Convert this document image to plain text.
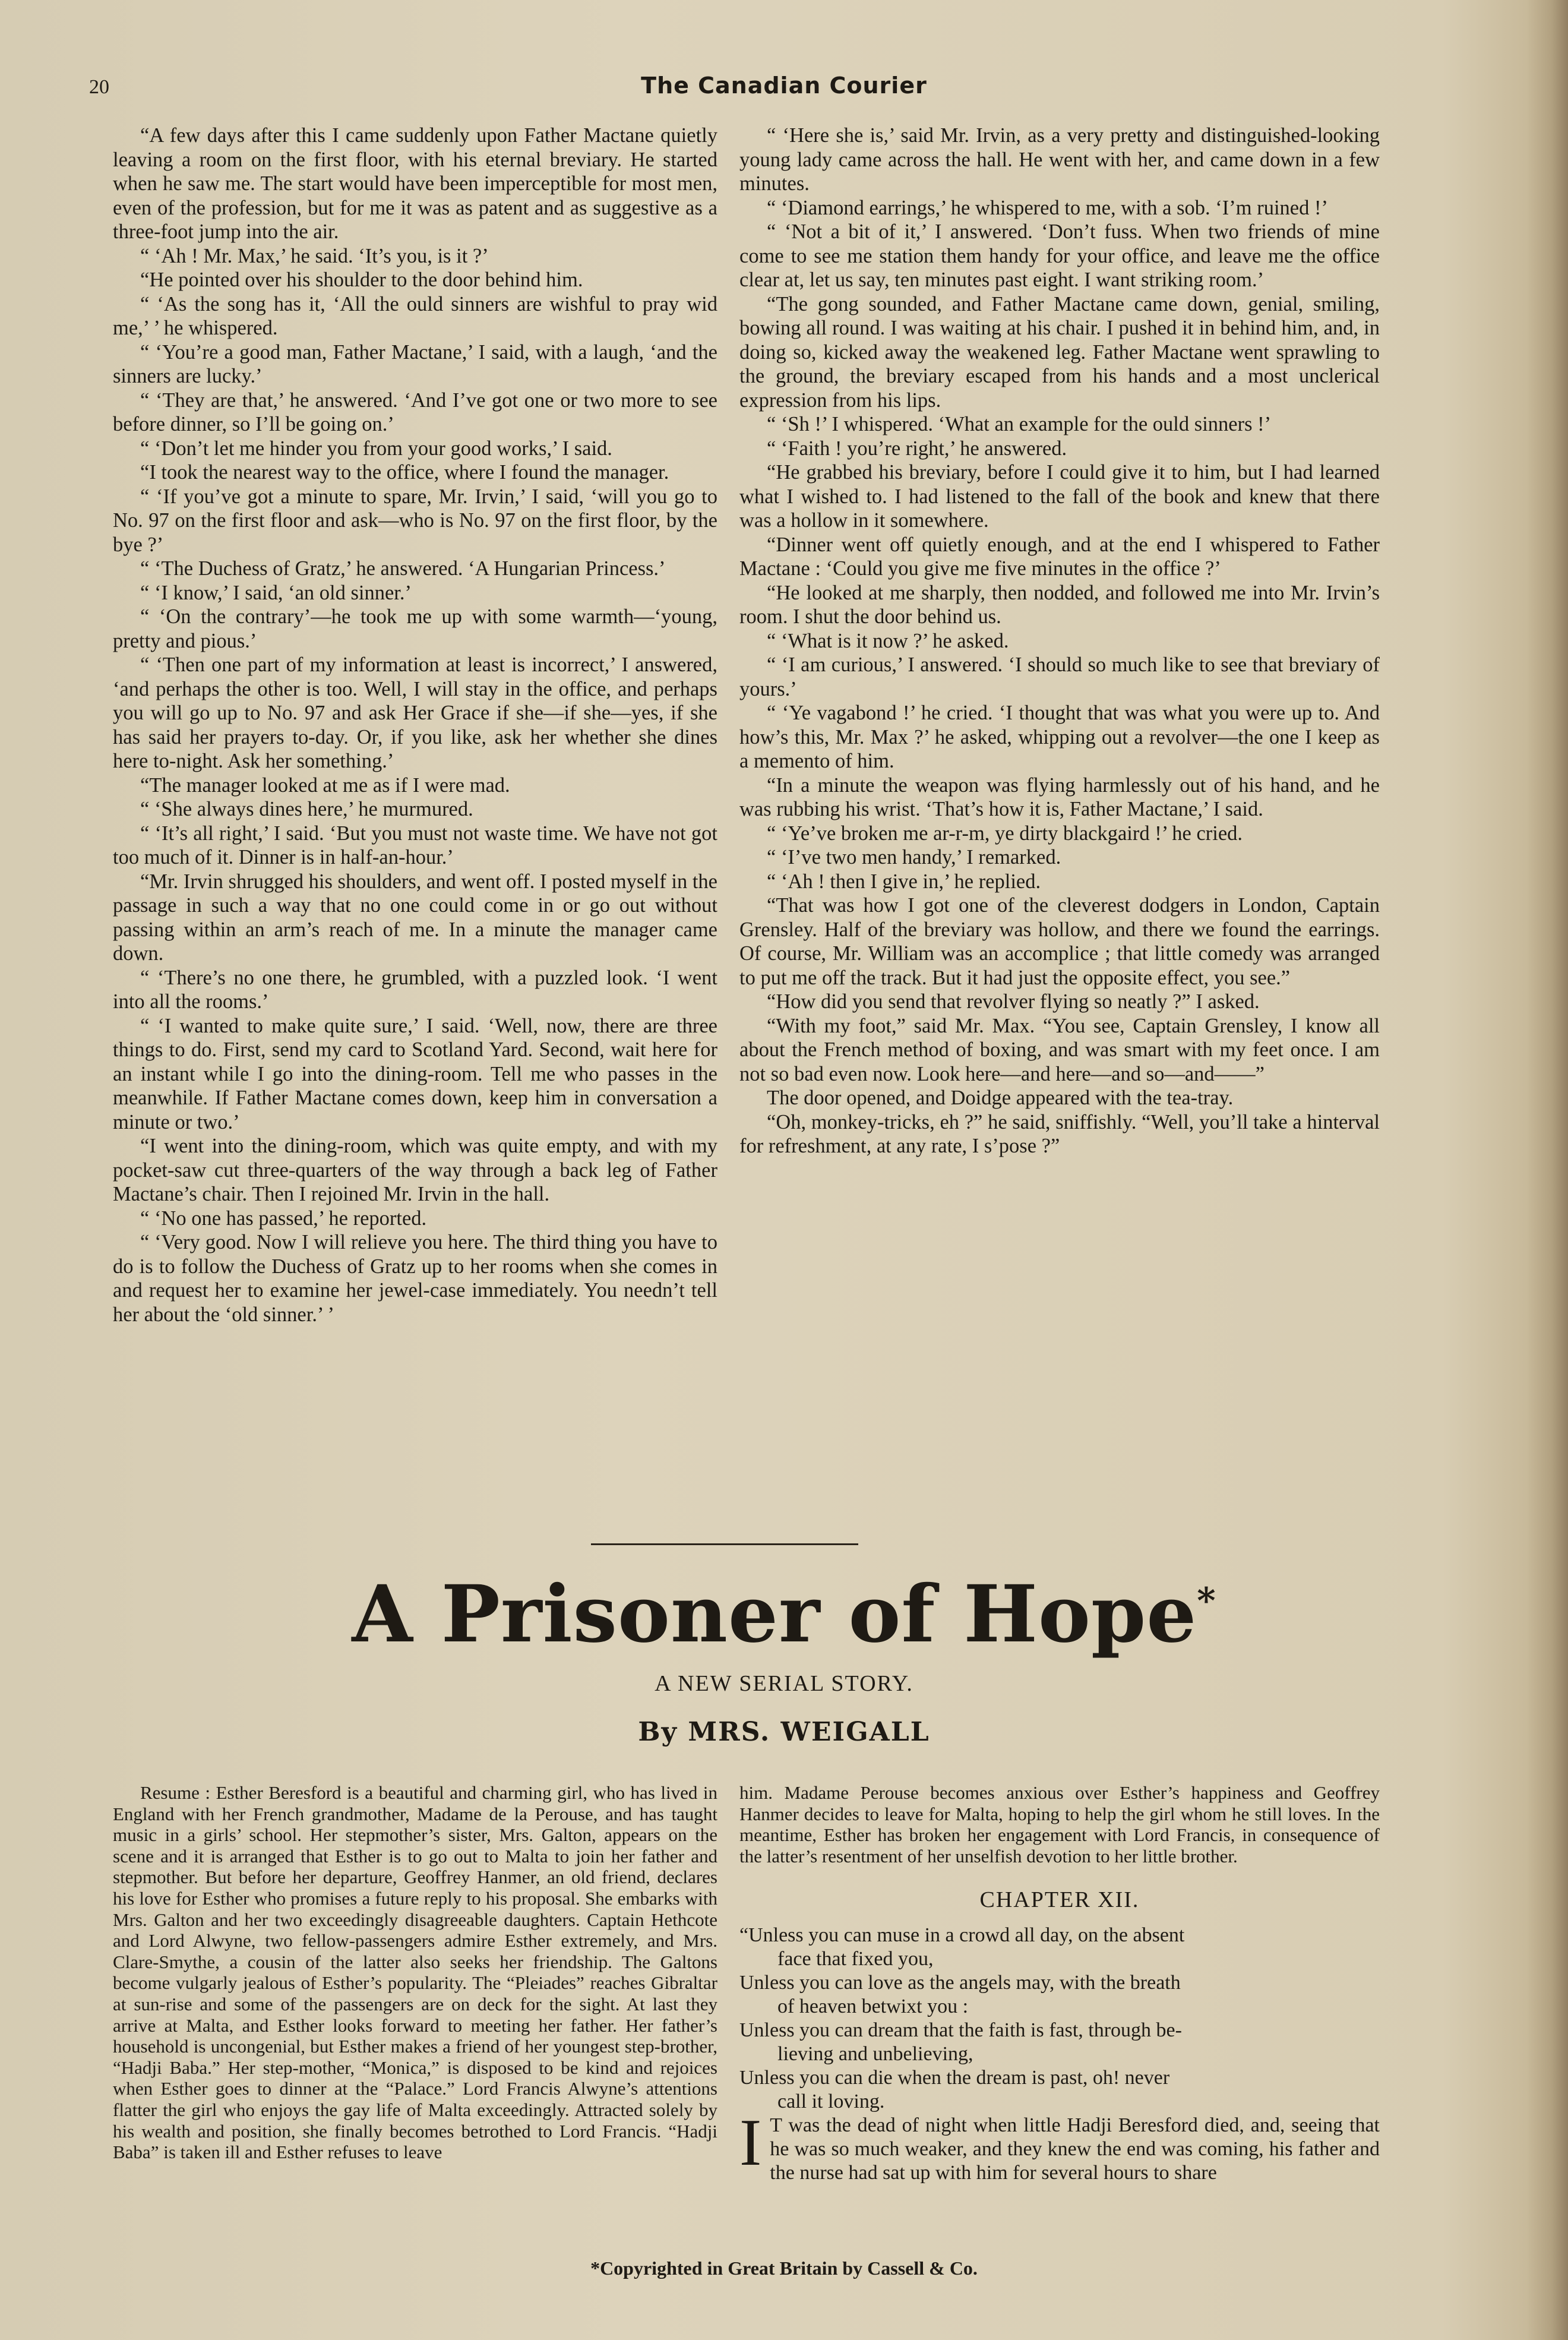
20	The Canadian Courier

“A few days after this I came suddenly upon Father Mactane quietly leaving a room on the first floor, with his eternal breviary. He started when he saw me. The start would have been imperceptible for most men, even of the profession, but for me it was as patent and as suggestive as a three-foot jump into the air.

“ ‘Ah ! Mr. Max,’ he said. ‘It’s you, is it ?’

“He pointed over his shoulder to the door behind him.

“ ‘As the song has it, ‘All the ould sinners are wishful to pray wid me,’ ’ he whispered.

“ ‘You’re a good man, Father Mactane,’ I said, with a laugh, ‘and the sinners are lucky.’

“ ‘They are that,’ he answered. ‘And I’ve got one or two more to see before dinner, so I’ll be going on.’

“ ‘Don’t let me hinder you from your good works,’ I said.

“I took the nearest way to the office, where I found the manager.

“ ‘If you’ve got a minute to spare, Mr. Irvin,’ I said, ‘will you go to No. 97 on the first floor and ask—who is No. 97 on the first floor, by the bye ?’

“ ‘The Duchess of Gratz,’ he answered. ‘A Hungarian Princess.’

“ ‘I know,’ I said, ‘an old sinner.’

“ ‘On the contrary’—he took me up with some warmth—‘young, pretty and pious.’

“ ‘Then one part of my information at least is incorrect,’ I answered, ‘and perhaps the other is too. Well, I will stay in the office, and perhaps you will go up to No. 97 and ask Her Grace if she—if she—yes, if she has said her prayers to-day. Or, if you like, ask her whether she dines here to-night. Ask her something.’

“The manager looked at me as if I were mad.

“ ‘She always dines here,’ he murmured.

“ ‘It’s all right,’ I said. ‘But you must not waste time. We have not got too much of it. Dinner is in half-an-hour.’

“Mr. Irvin shrugged his shoulders, and went off. I posted myself in the passage in such a way that no one could come in or go out without passing within an arm’s reach of me. In a minute the manager came down.

“ ‘There’s no one there, he grumbled, with a puzzled look. ‘I went into all the rooms.’

“ ‘I wanted to make quite sure,’ I said. ‘Well, now, there are three things to do. First, send my card to Scotland Yard. Second, wait here for an instant while I go into the dining-room. Tell me who passes in the meanwhile. If Father Mactane comes down, keep him in conversation a minute or two.’

“I went into the dining-room, which was quite empty, and with my pocket-saw cut three-quarters of the way through a back leg of Father Mactane’s chair. Then I rejoined Mr. Irvin in the hall.

“ ‘No one has passed,’ he reported.

“ ‘Very good. Now I will relieve you here. The third thing you have to do is to follow the Duchess of Gratz up to her rooms when she comes in and request her to examine her jewel-case immediately. You needn’t tell her about the ‘old sinner.’ ’

“ ‘Here she is,’ said Mr. Irvin, as a very pretty and distinguished-looking young lady came across the hall. He went with her, and came down in a few minutes.

“ ‘Diamond earrings,’ he whispered to me, with a sob. ‘I’m ruined !’

“ ‘Not a bit of it,’ I answered. ‘Don’t fuss. When two friends of mine come to see me station them handy for your office, and leave me the office clear at, let us say, ten minutes past eight. I want striking room.’

“The gong sounded, and Father Mactane came down, genial, smiling, bowing all round. I was waiting at his chair. I pushed it in behind him, and, in doing so, kicked away the weakened leg. Father Mactane went sprawling to the ground, the breviary escaped from his hands and a most unclerical expression from his lips.

“ ‘Sh !’ I whispered. ‘What an example for the ould sinners !’

“ ‘Faith ! you’re right,’ he answered.

“He grabbed his breviary, before I could give it to him, but I had learned what I wished to. I had listened to the fall of the book and knew that there was a hollow in it somewhere.

“Dinner went off quietly enough, and at the end I whispered to Father Mactane : ‘Could you give me five minutes in the office ?’

“He looked at me sharply, then nodded, and followed me into Mr. Irvin’s room. I shut the door behind us.

“ ‘What is it now ?’ he asked.

“ ‘I am curious,’ I answered. ‘I should so much like to see that breviary of yours.’

“ ‘Ye vagabond !’ he cried. ‘I thought that was what you were up to. And how’s this, Mr. Max ?’ he asked, whipping out a revolver—the one I keep as a memento of him.

“In a minute the weapon was flying harmlessly out of his hand, and he was rubbing his wrist. ‘That’s how it is, Father Mactane,’ I said.

“ ‘Ye’ve broken me ar-r-m, ye dirty blackgaird !’ he cried.

“ ‘I’ve two men handy,’ I remarked.

“ ‘Ah ! then I give in,’ he replied.

“That was how I got one of the cleverest dodgers in London, Captain Grensley. Half of the breviary was hollow, and there we found the earrings. Of course, Mr. William was an accomplice ; that little comedy was arranged to put me off the track. But it had just the opposite effect, you see.”

“How did you send that revolver flying so neatly ?” I asked.

“With my foot,” said Mr. Max. “You see, Captain Grensley, I know all about the French method of boxing, and was smart with my feet once. I am not so bad even now. Look here—and here—and so—and——”

The door opened, and Doidge appeared with the tea-tray.

“Oh, monkey-tricks, eh ?” he said, sniffishly. “Well, you’ll take a hinterval for refreshment, at any rate, I s’pose ?”

A Prisoner of Hope*
A NEW SERIAL STORY.
By MRS. WEIGALL

Resume : Esther Beresford is a beautiful and charming girl, who has lived in England with her French grandmother, Madame de la Perouse, and has taught music in a girls’ school. Her stepmother’s sister, Mrs. Galton, appears on the scene and it is arranged that Esther is to go out to Malta to join her father and stepmother. But before her departure, Geoffrey Hanmer, an old friend, declares his love for Esther who promises a future reply to his proposal. She embarks with Mrs. Galton and her two exceedingly disagreeable daughters. Captain Hethcote and Lord Alwyne, two fellow-passengers admire Esther extremely, and Mrs. Clare-Smythe, a cousin of the latter also seeks her friendship. The Galtons become vulgarly jealous of Esther’s popularity. The “Pleiades” reaches Gibraltar at sun-rise and some of the passengers are on deck for the sight. At last they arrive at Malta, and Esther looks forward to meeting her father. Her father’s household is uncongenial, but Esther makes a friend of her youngest step-brother, “Hadji Baba.” Her step-mother, “Monica,” is disposed to be kind and rejoices when Esther goes to dinner at the “Palace.” Lord Francis Alwyne’s attentions flatter the girl who enjoys the gay life of Malta exceedingly. Attracted solely by his wealth and position, she finally becomes betrothed to Lord Francis. “Hadji Baba” is taken ill and Esther refuses to leave

him. Madame Perouse becomes anxious over Esther’s happiness and Geoffrey Hanmer decides to leave for Malta, hoping to help the girl whom he still loves. In the meantime, Esther has broken her engagement with Lord Francis, in consequence of the latter’s resentment of her unselfish devotion to her little brother.
CHAPTER XII.

“Unless you can muse in a crowd all day, on the absent

face that fixed you,

Unless you can love as the angels may, with the breath

of heaven betwixt you :

Unless you can dream that the faith is fast, through be-

lieving and unbelieving,

Unless you can die when the dream is past, oh! never

call it loving.

I T was the dead of night when little Hadji Beresford died, and, seeing that he was so much weaker, and they knew the end was coming, his father and the nurse had sat up with him for several hours to share

*Copyrighted in Great Britain by Cassell & Co.
